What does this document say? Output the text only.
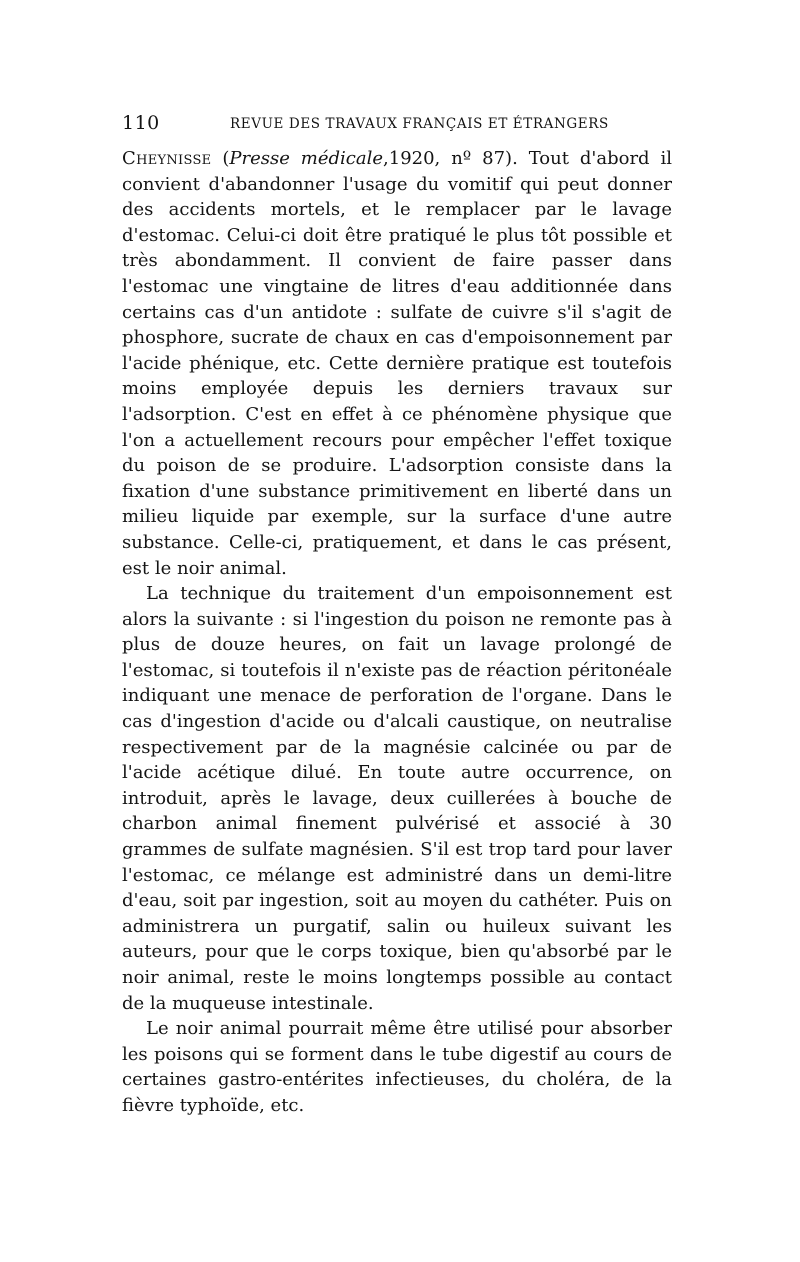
110	REVUE DES TRAVAUX FRANÇAIS ET ÉTRANGERS

Cheynisse (Presse médicale,1920, nº 87). Tout d'abord il convient d'abandonner l'usage du vomitif qui peut donner des accidents mortels, et le remplacer par le lavage d'estomac. Celui-ci doit être pratiqué le plus tôt possible et très abondamment. Il convient de faire passer dans l'estomac une vingtaine de litres d'eau additionnée dans certains cas d'un antidote : sulfate de cuivre s'il s'agit de phosphore, sucrate de chaux en cas d'empoisonnement par l'acide phénique, etc. Cette dernière pratique est toutefois moins employée depuis les derniers travaux sur l'adsorption. C'est en effet à ce phénomène physique que l'on a actuellement recours pour empêcher l'effet toxique du poison de se produire. L'adsorption consiste dans la fixation d'une substance primitivement en liberté dans un milieu liquide par exemple, sur la surface d'une autre substance. Celle-ci, pratiquement, et dans le cas présent, est le noir animal.

La technique du traitement d'un empoisonnement est alors la suivante : si l'ingestion du poison ne remonte pas à plus de douze heures, on fait un lavage prolongé de l'estomac, si toutefois il n'existe pas de réaction péritonéale indiquant une menace de perforation de l'organe. Dans le cas d'ingestion d'acide ou d'alcali caustique, on neutralise respectivement par de la magnésie calcinée ou par de l'acide acétique dilué. En toute autre occurrence, on introduit, après le lavage, deux cuillerées à bouche de charbon animal finement pulvérisé et associé à 30 grammes de sulfate magnésien. S'il est trop tard pour laver l'estomac, ce mélange est administré dans un demi-litre d'eau, soit par ingestion, soit au moyen du cathéter. Puis on administrera un purgatif, salin ou huileux suivant les auteurs, pour que le corps toxique, bien qu'absorbé par le noir animal, reste le moins longtemps possible au contact de la muqueuse intestinale.

Le noir animal pourrait même être utilisé pour absorber les poisons qui se forment dans le tube digestif au cours de certaines gastro-entérites infectieuses, du choléra, de la fièvre typhoïde, etc.
